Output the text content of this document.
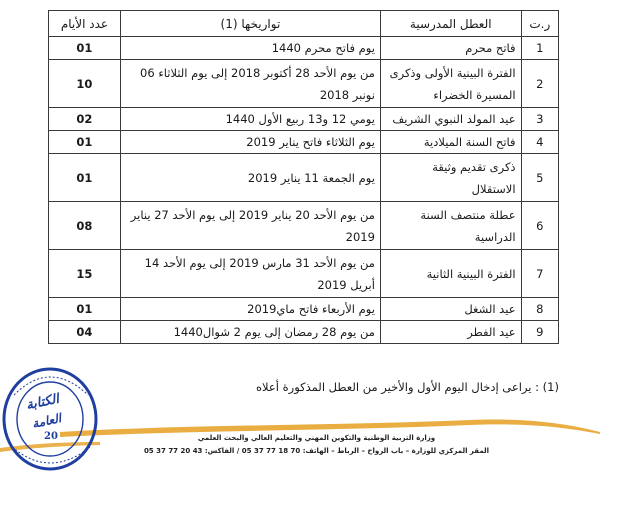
ر.ت	العطل المدرسية	تواريخها (1)	عدد الأيام
1	فاتح محرم	يوم فاتح محرم 1440	01
2	الفترة البينية الأولى وذكرى المسيرة الخضراء	من يوم الأحد 28 أكتوبر 2018 إلى يوم الثلاثاء 06 نونبر 2018	10
3	عيد المولد النبوي الشريف	يومي 12 و13 ربيع الأول 1440	02
4	فاتح السنة الميلادية	يوم الثلاثاء فاتح يناير 2019	01
5	ذكرى تقديم وثيقة الاستقلال	يوم الجمعة 11 يناير 2019	01
6	عطلة منتصف السنة الدراسية	من يوم الأحد 20 يناير 2019 إلى يوم الأحد 27 يناير 2019	08
7	الفترة البينية الثانية	من يوم الأحد 31 مارس 2019 إلى يوم الأحد 14 أبريل 2019	15
8	عيد الشغل	يوم الأربعاء فاتح ماي2019	01
9	عيد الفطر	من يوم 28 رمضان إلى يوم 2 شوال1440	04
(1) : يراعى إدخال اليوم الأول والأخير من العطل المذكورة أعلاه
وزارة التربية الوطنية والتكوين المهني والتعليم العالي والبحث العلمي
المقر المركزي للوزارة – باب الرواح – الرباط – الهاتف: 70 18 77 37 05 / الفاكس: 43 20 77 37 05
الكتابة
العامة
20
